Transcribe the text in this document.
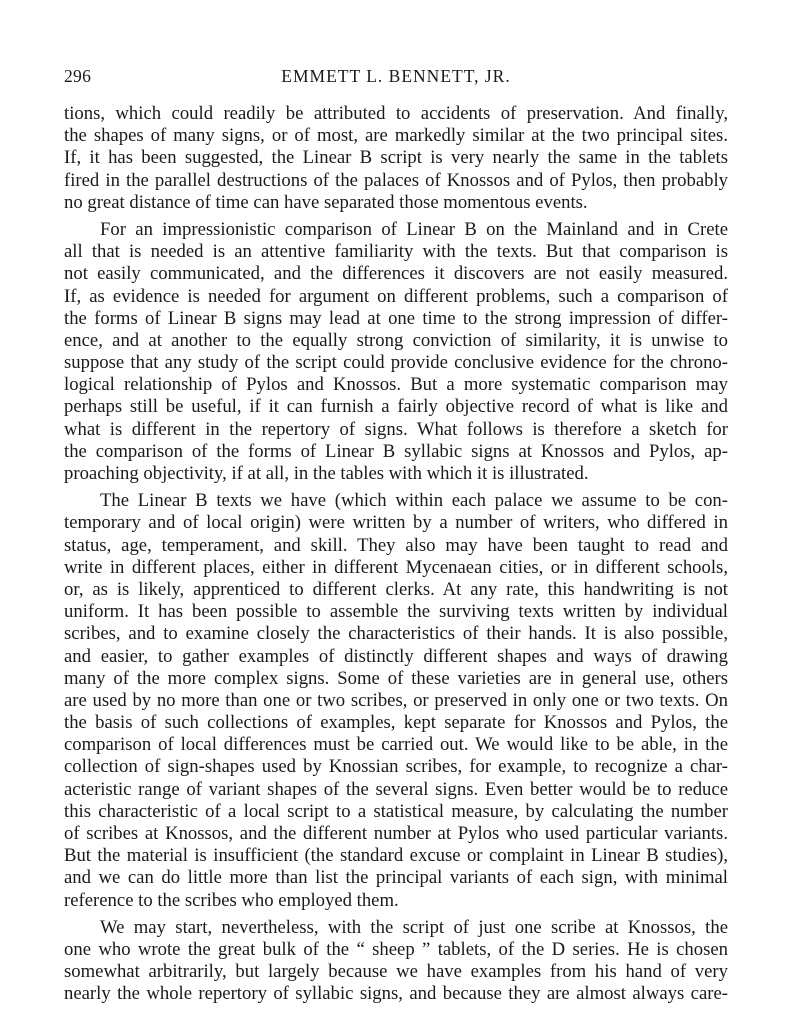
296	EMMETT L. BENNETT, JR.
tions, which could readily be attributed to accidents of preservation. And finally,
the shapes of many signs, or of most, are markedly similar at the two principal sites.
If, it has been suggested, the Linear B script is very nearly the same in the tablets
fired in the parallel destructions of the palaces of Knossos and of Pylos, then probably
no great distance of time can have separated those momentous events.
For an impressionistic comparison of Linear B on the Mainland and in Crete
all that is needed is an attentive familiarity with the texts. But that comparison is
not easily communicated, and the differences it discovers are not easily measured.
If, as evidence is needed for argument on different problems, such a comparison of
the forms of Linear B signs may lead at one time to the strong impression of differ-
ence, and at another to the equally strong conviction of similarity, it is unwise to
suppose that any study of the script could provide conclusive evidence for the chrono-
logical relationship of Pylos and Knossos. But a more systematic comparison may
perhaps still be useful, if it can furnish a fairly objective record of what is like and
what is different in the repertory of signs. What follows is therefore a sketch for
the comparison of the forms of Linear B syllabic signs at Knossos and Pylos, ap-
proaching objectivity, if at all, in the tables with which it is illustrated.
The Linear B texts we have (which within each palace we assume to be con-
temporary and of local origin) were written by a number of writers, who differed in
status, age, temperament, and skill. They also may have been taught to read and
write in different places, either in different Mycenaean cities, or in different schools,
or, as is likely, apprenticed to different clerks. At any rate, this handwriting is not
uniform. It has been possible to assemble the surviving texts written by individual
scribes, and to examine closely the characteristics of their hands. It is also possible,
and easier, to gather examples of distinctly different shapes and ways of drawing
many of the more complex signs. Some of these varieties are in general use, others
are used by no more than one or two scribes, or preserved in only one or two texts. On
the basis of such collections of examples, kept separate for Knossos and Pylos, the
comparison of local differences must be carried out. We would like to be able, in the
collection of sign-shapes used by Knossian scribes, for example, to recognize a char-
acteristic range of variant shapes of the several signs. Even better would be to reduce
this characteristic of a local script to a statistical measure, by calculating the number
of scribes at Knossos, and the different number at Pylos who used particular variants.
But the material is insufficient (the standard excuse or complaint in Linear B studies),
and we can do little more than list the principal variants of each sign, with minimal
reference to the scribes who employed them.
We may start, nevertheless, with the script of just one scribe at Knossos, the
one who wrote the great bulk of the “ sheep ” tablets, of the D series. He is chosen
somewhat arbitrarily, but largely because we have examples from his hand of very
nearly the whole repertory of syllabic signs, and because they are almost always care-
